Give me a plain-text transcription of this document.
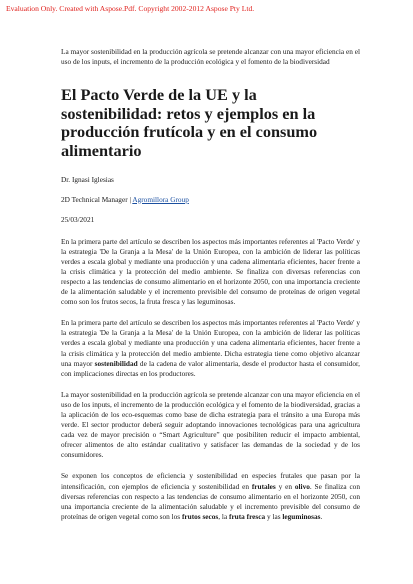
Evaluation Only. Created with Aspose.Pdf. Copyright 2002-2012 Aspose Pty Ltd.

La mayor sostenibilidad en la producción agrícola se pretende alcanzar con una mayor eficiencia en el uso de los inputs, el incremento de la producción ecológica y el fomento de la biodiversidad

El Pacto Verde de la UE y la sostenibilidad: retos y ejemplos en la producción frutícola y en el consumo alimentario

Dr. Ignasi Iglesias

2D Technical Manager | Agromillora Group

25/03/2021

En la primera parte del artículo se describen los aspectos más importantes referentes al 'Pacto Verde' y la estrategia 'De la Granja a la Mesa' de la Unión Europea, con la ambición de liderar las políticas verdes a escala global y mediante una producción y una cadena alimentaria eficientes, hacer frente a la crisis climática y la protección del medio ambiente. Se finaliza con diversas referencias con respecto a las tendencias de consumo alimentario en el horizonte 2050, con una importancia creciente de la alimentación saludable y el incremento previsible del consumo de proteínas de origen vegetal como son los frutos secos, la fruta fresca y las leguminosas.

En la primera parte del artículo se describen los aspectos más importantes referentes al 'Pacto Verde' y la estrategia 'De la Granja a la Mesa' de la Unión Europea, con la ambición de liderar las políticas verdes a escala global y mediante una producción y una cadena alimentaria eficientes, hacer frente a la crisis climática y la protección del medio ambiente. Dicha estrategia tiene como objetivo alcanzar una mayor sostenibilidad de la cadena de valor alimentaria, desde el productor hasta el consumidor, con implicaciones directas en los productores.

La mayor sostenibilidad en la producción agrícola se pretende alcanzar con una mayor eficiencia en el uso de los inputs, el incremento de la producción ecológica y el fomento de la biodiversidad, gracias a la aplicación de los eco-esquemas como base de dicha estrategia para el tránsito a una Europa más verde. El sector productor deberá seguir adoptando innovaciones tecnológicas para una agricultura cada vez de mayor precisión o “Smart Agriculture” que posibiliten reducir el impacto ambiental, ofrecer alimentos de alto estándar cualitativo y satisfacer las demandas de la sociedad y de los consumidores.

Se exponen los conceptos de eficiencia y sostenibilidad en especies frutales que pasan por la intensificación, con ejemplos de eficiencia y sostenibilidad en frutales y en olivo. Se finaliza con diversas referencias con respecto a las tendencias de consumo alimentario en el horizonte 2050, con una importancia creciente de la alimentación saludable y el incremento previsible del consumo de proteínas de origen vegetal como son los frutos secos, la fruta fresca y las leguminosas.
